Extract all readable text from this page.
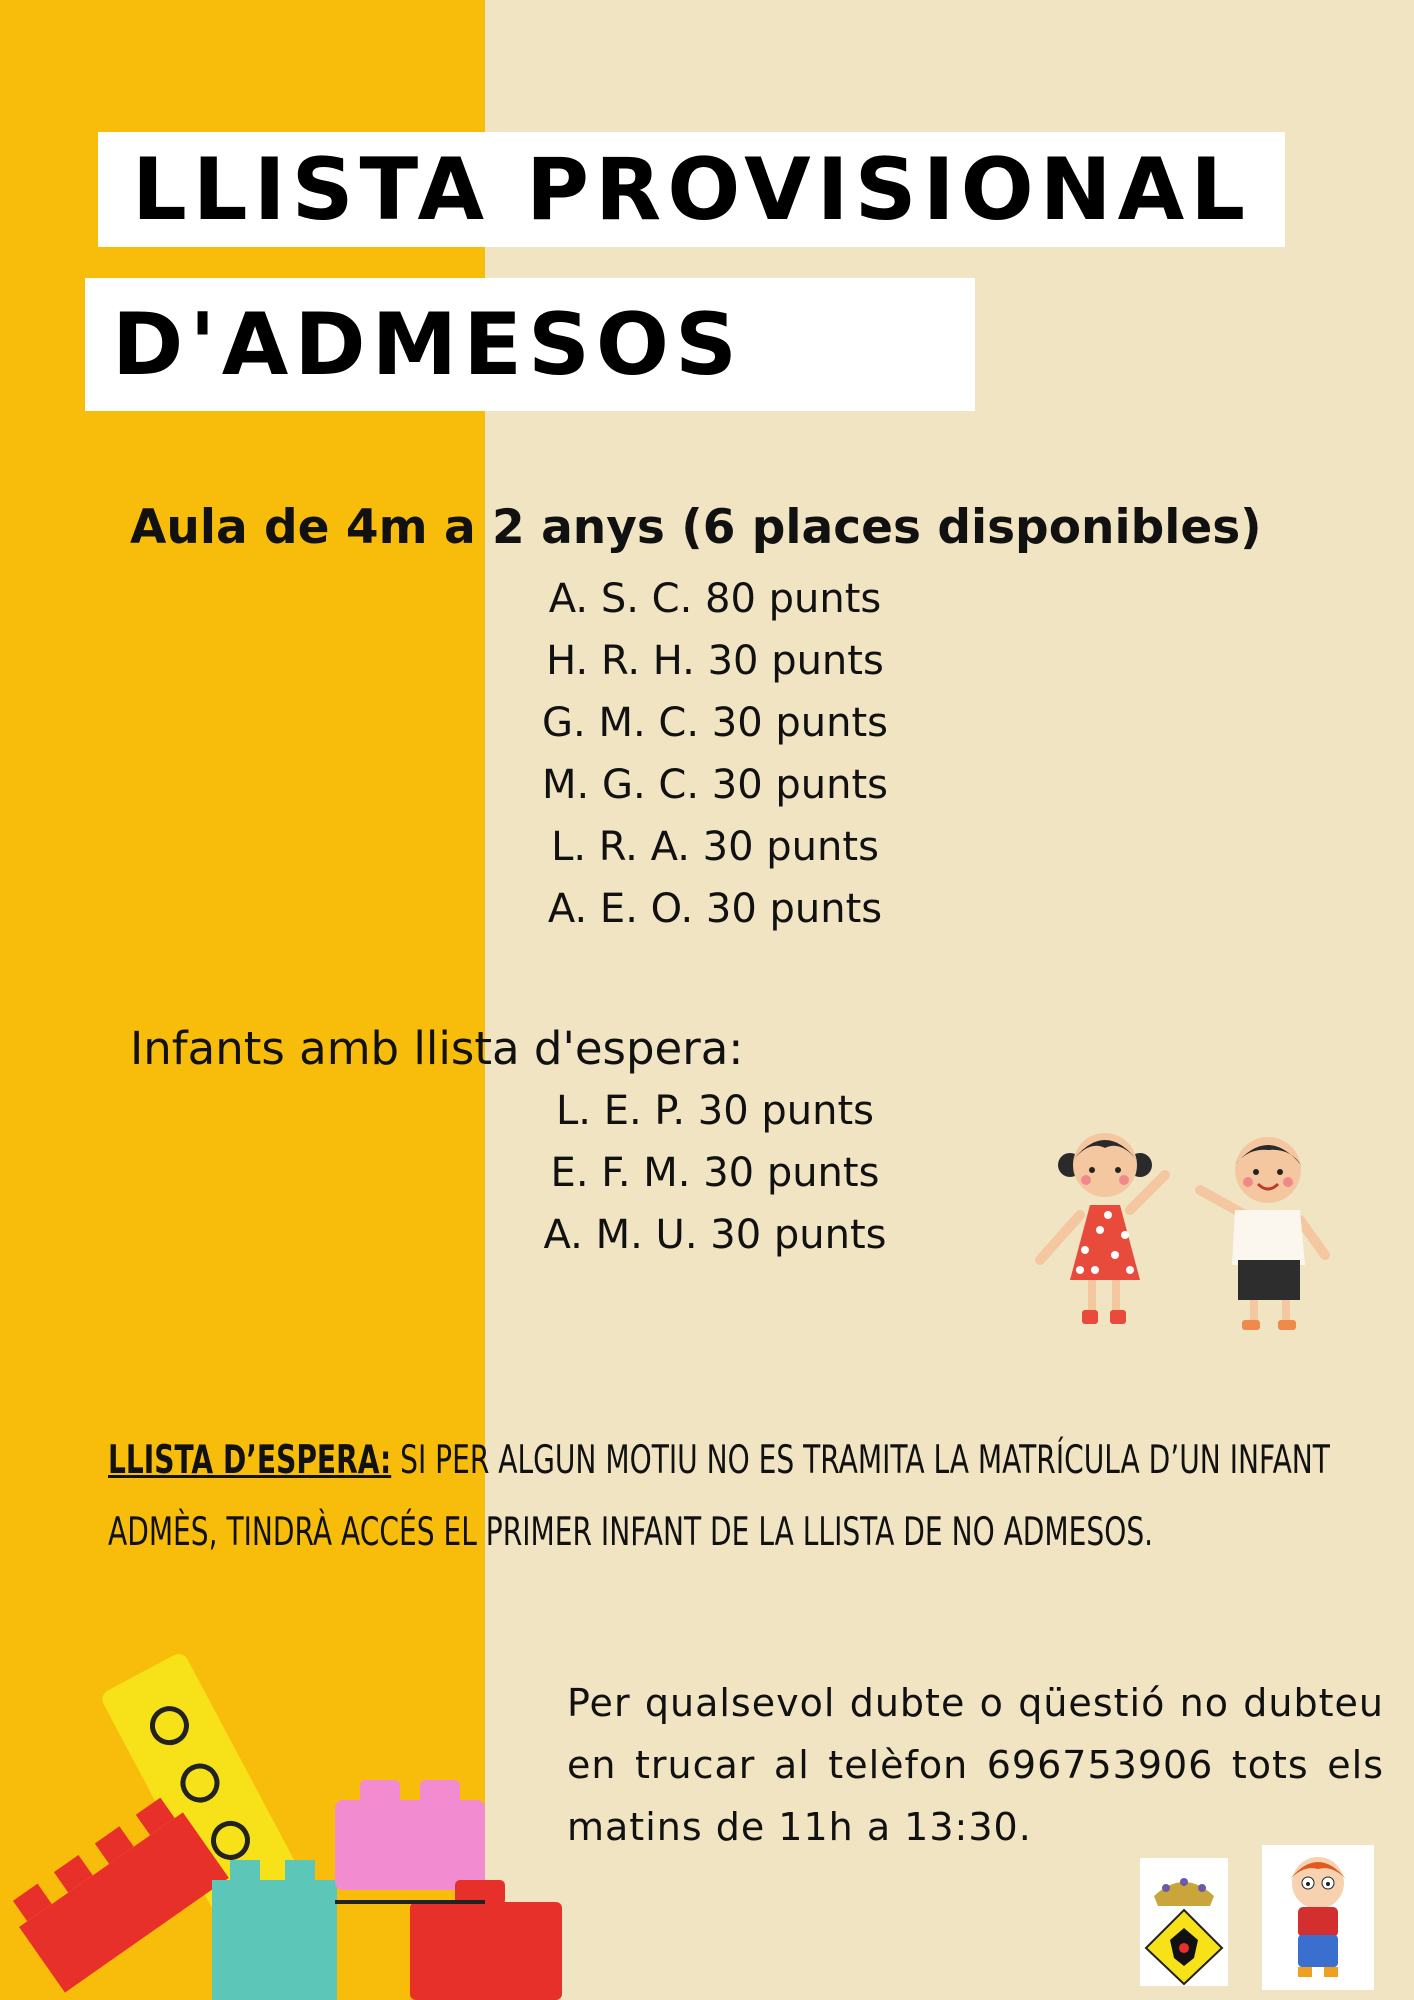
LLISTA PROVISIONAL
D'ADMESOS
Aula de 4m a 2 anys (6 places disponibles)
A. S. C. 80 punts
H. R. H. 30 punts
G. M. C. 30 punts
M. G. C. 30 punts
L. R. A. 30 punts
A. E. O. 30 punts
Infants amb llista d'espera:
L. E. P. 30 punts
E. F. M. 30 punts
A. M. U. 30 punts
LLISTA D’ESPERA: SI PER ALGUN MOTIU NO ES TRAMITA LA MATRÍCULA D’UN INFANT ADMÈS, TINDRÀ ACCÉS EL PRIMER INFANT DE LA LLISTA DE NO ADMESOS.
Per qualsevol dubte o qüestió no dubteu en trucar al telèfon 696753906 tots els matins de 11h a 13:30.
